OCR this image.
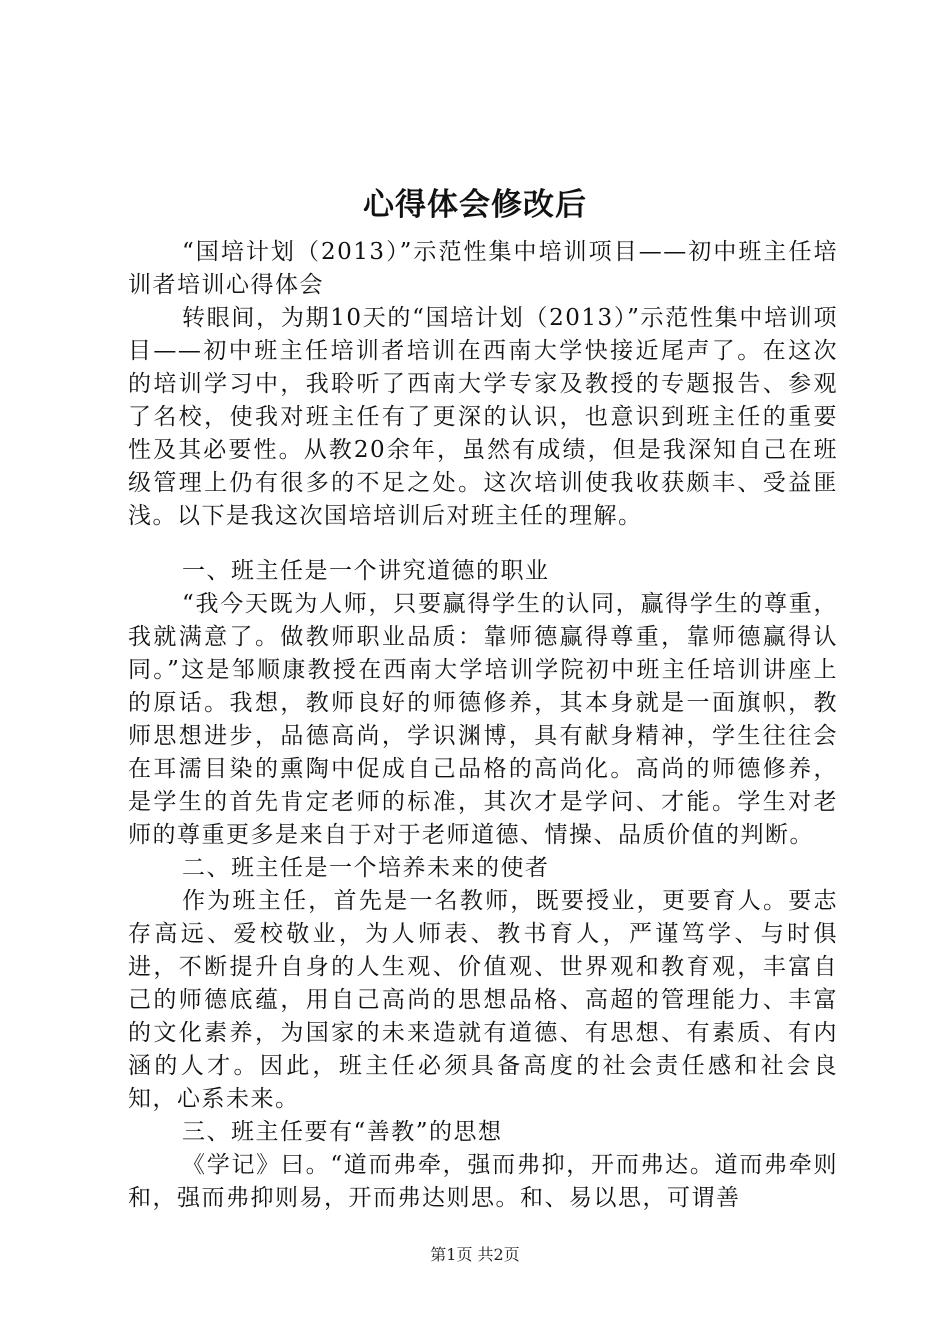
心得体会修改后

“国培计划（2013）”示范性集中培训项目——初中班主任培训者培训心得体会

转眼间，为期10天的“国培计划（2013）”示范性集中培训项目——初中班主任培训者培训在西南大学快接近尾声了。在这次的培训学习中，我聆听了西南大学专家及教授的专题报告、参观了名校，使我对班主任有了更深的认识，也意识到班主任的重要性及其必要性。从教20余年，虽然有成绩，但是我深知自己在班级管理上仍有很多的不足之处。这次培训使我收获颇丰、受益匪浅。以下是我这次国培培训后对班主任的理解。

一、班主任是一个讲究道德的职业

“我今天既为人师，只要赢得学生的认同，赢得学生的尊重，我就满意了。做教师职业品质：靠师德赢得尊重，靠师德赢得认同。”这是邹顺康教授在西南大学培训学院初中班主任培训讲座上的原话。我想，教师良好的师德修养，其本身就是一面旗帜，教师思想进步，品德高尚，学识渊博，具有献身精神，学生往往会在耳濡目染的熏陶中促成自己品格的高尚化。高尚的师德修养，是学生的首先肯定老师的标准，其次才是学问、才能。学生对老师的尊重更多是来自于对于老师道德、情操、品质价值的判断。

二、班主任是一个培养未来的使者

作为班主任，首先是一名教师，既要授业，更要育人。要志存高远、爱校敬业，为人师表、教书育人，严谨笃学、与时俱进，不断提升自身的人生观、价值观、世界观和教育观，丰富自己的师德底蕴，用自己高尚的思想品格、高超的管理能力、丰富的文化素养，为国家的未来造就有道德、有思想、有素质、有内涵的人才。因此，班主任必须具备高度的社会责任感和社会良知，心系未来。

三、班主任要有“善教”的思想

《学记》曰。“道而弗牵，强而弗抑，开而弗达。道而弗牵则和，强而弗抑则易，开而弗达则思。和、易以思，可谓善

第1页 共2页
